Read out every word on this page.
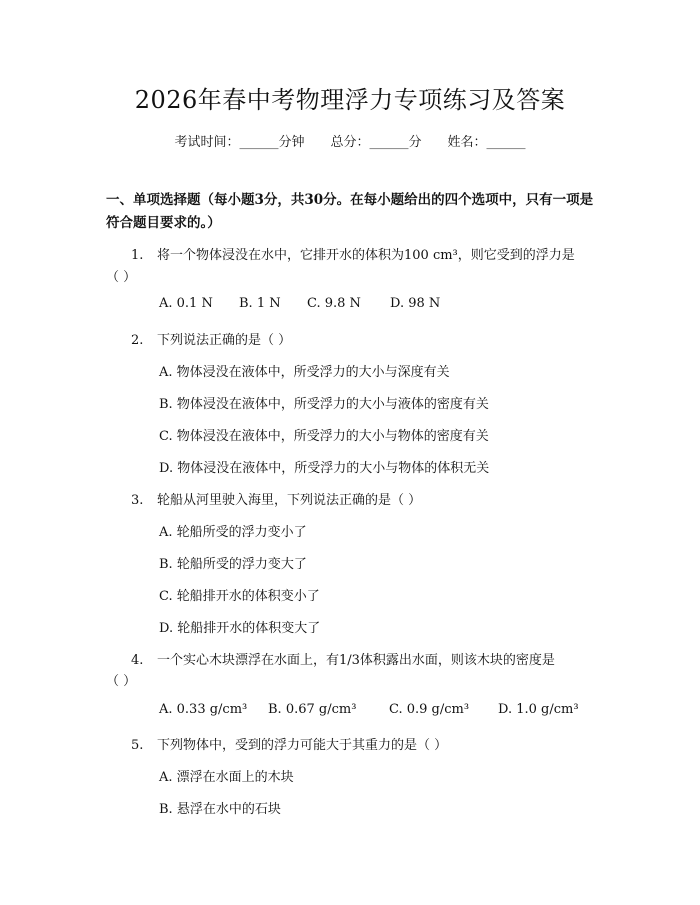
2026年春中考物理浮力专项练习及答案
考试时间：______分钟 总分：______分 姓名：______
一、单项选择题（每小题3分，共30分。在每小题给出的四个选项中，只有一项是符合题目要求的。）
1. 将一个物体浸没在水中，它排开水的体积为100 cm³，则它受到的浮力是
（ ）
A. 0.1 N B. 1 N C. 9.8 N D. 98 N
2. 下列说法正确的是（ ）
A. 物体浸没在液体中，所受浮力的大小与深度有关
B. 物体浸没在液体中，所受浮力的大小与液体的密度有关
C. 物体浸没在液体中，所受浮力的大小与物体的密度有关
D. 物体浸没在液体中，所受浮力的大小与物体的体积无关
3. 轮船从河里驶入海里，下列说法正确的是（ ）
A. 轮船所受的浮力变小了
B. 轮船所受的浮力变大了
C. 轮船排开水的体积变小了
D. 轮船排开水的体积变大了
4. 一个实心木块漂浮在水面上，有1/3体积露出水面，则该木块的密度是
（ ）
A. 0.33 g/cm³ B. 0.67 g/cm³	C. 0.9 g/cm³ D. 1.0 g/cm³
5. 下列物体中，受到的浮力可能大于其重力的是（ ）
A. 漂浮在水面上的木块
B. 悬浮在水中的石块
